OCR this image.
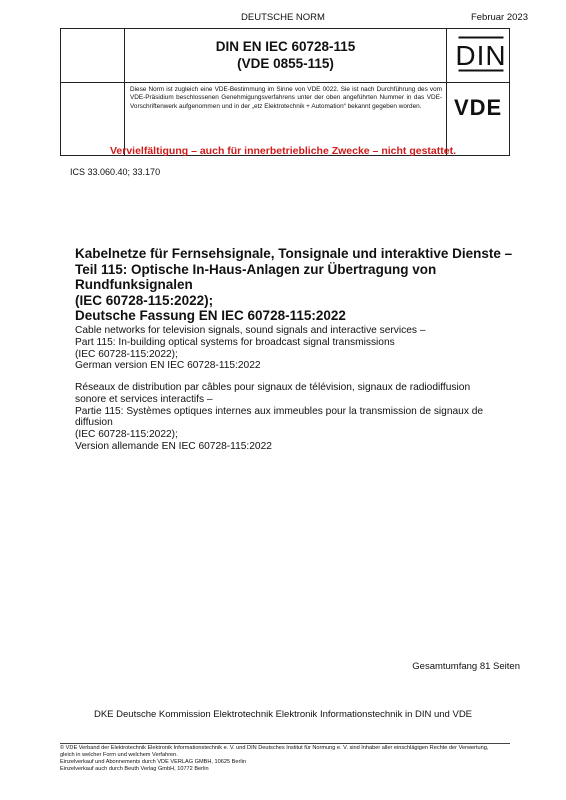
DEUTSCHE NORM	Februar 2023
DIN EN IEC 60728-115
(VDE 0855-115)	DIN
Diese Norm ist zugleich eine VDE-Bestimmung im Sinne von VDE 0022. Sie ist nach Durchführung des vom VDE-Präsidium beschlossenen Genehmigungsverfahrens unter der oben angeführten Nummer in das VDE-Vorschriftenwerk aufgenommen und in der „etz Elektrotechnik + Automation“ bekannt gegeben worden.	VDE
Vervielfältigung – auch für innerbetriebliche Zwecke – nicht gestattet.
ICS 33.060.40; 33.170
Kabelnetze für Fernsehsignale, Tonsignale und interaktive Dienste –
Teil 115: Optische In-Haus-Anlagen zur Übertragung von
Rundfunksignalen
(IEC 60728-115:2022);
Deutsche Fassung EN IEC 60728-115:2022
Cable networks for television signals, sound signals and interactive services –
Part 115: In-building optical systems for broadcast signal transmissions
(IEC 60728-115:2022);
German version EN IEC 60728-115:2022
Réseaux de distribution par câbles pour signaux de télévision, signaux de radiodiffusion
sonore et services interactifs –
Partie 115: Systèmes optiques internes aux immeubles pour la transmission de signaux de
diffusion
(IEC 60728-115:2022);
Version allemande EN IEC 60728-115:2022
Gesamtumfang 81 Seiten
DKE Deutsche Kommission Elektrotechnik Elektronik Informationstechnik in DIN und VDE
© VDE Verband der Elektrotechnik Elektronik Informationstechnik e. V. und DIN Deutsches Institut für Normung e. V. sind Inhaber aller einschlägigen Rechte der Verwertung,
gleich in welcher Form und welchem Verfahren.
Einzelverkauf und Abonnements durch VDE VERLAG GMBH, 10625 Berlin
Einzelverkauf auch durch Beuth Verlag GmbH, 10772 Berlin
